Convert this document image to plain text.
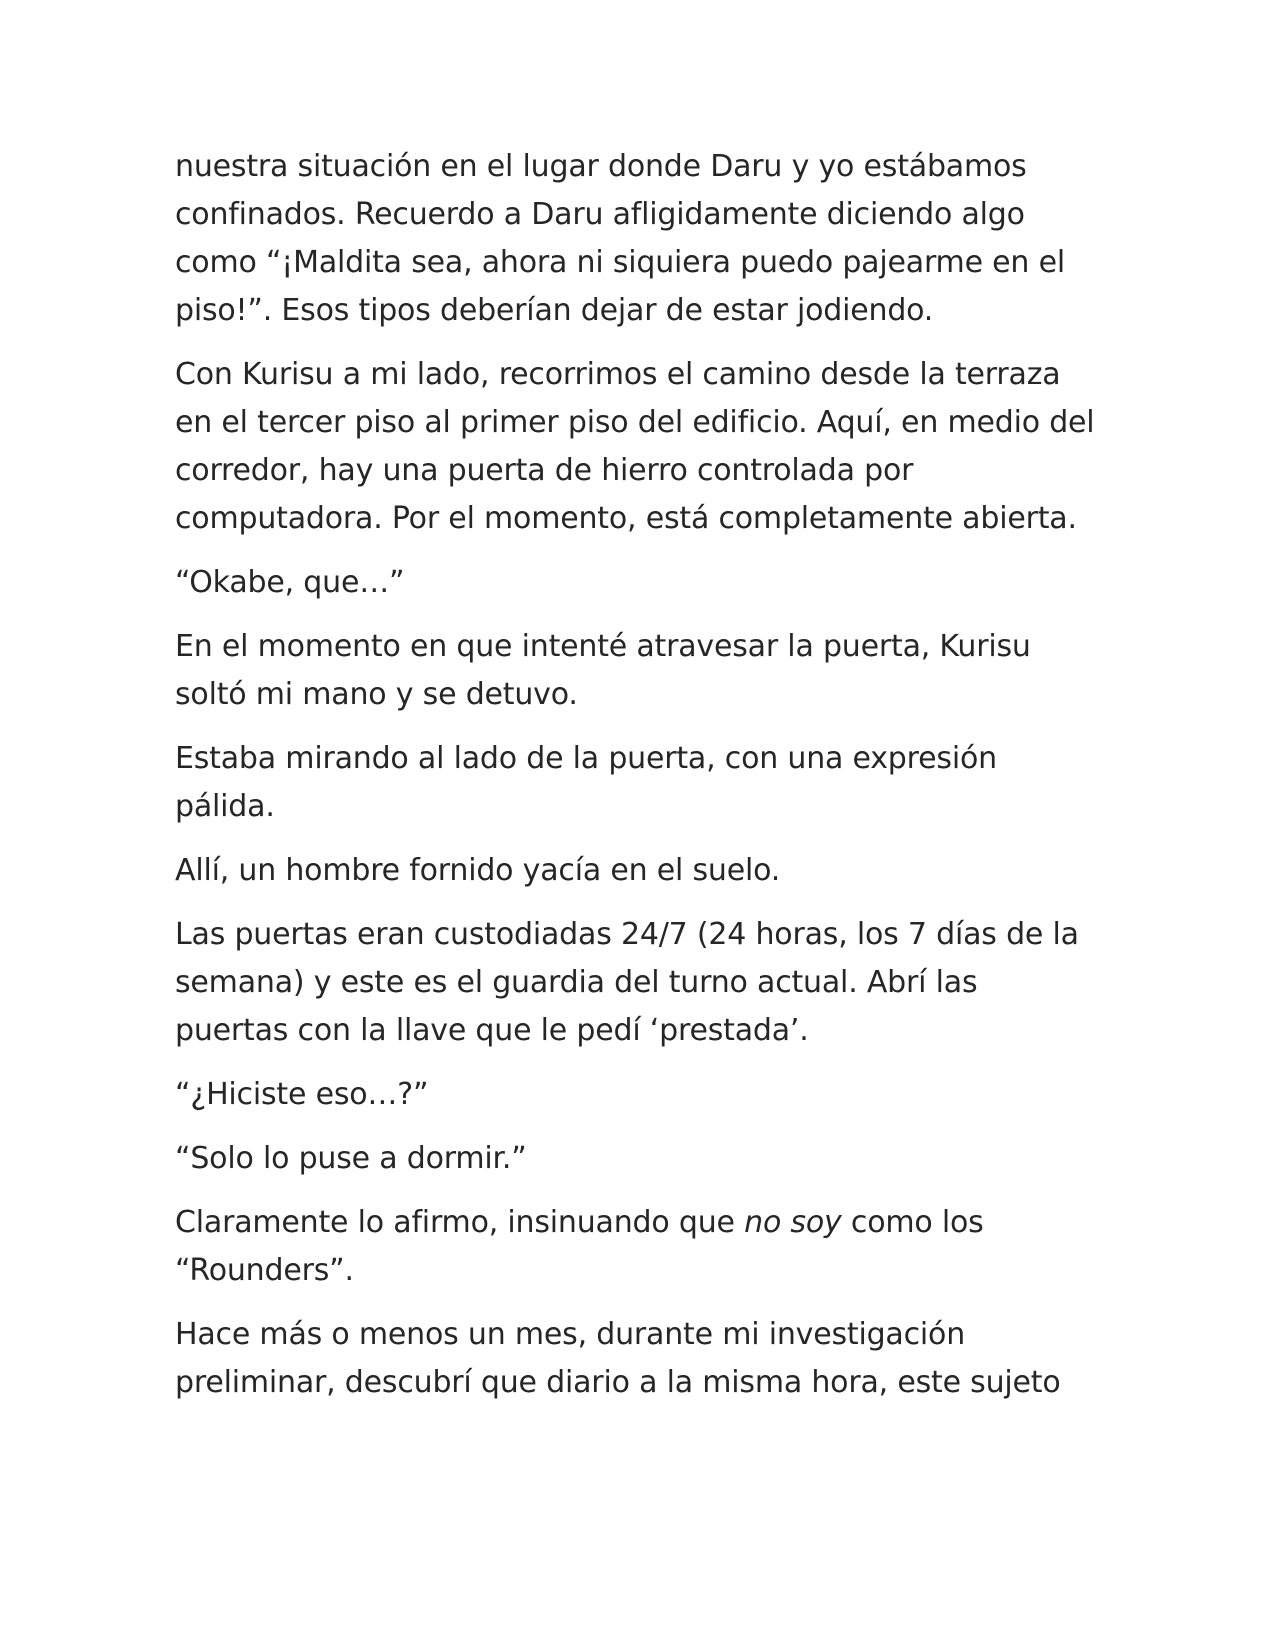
nuestra situación en el lugar donde Daru y yo estábamos confinados. Recuerdo a Daru afligidamente diciendo algo como “¡Maldita sea, ahora ni siquiera puedo pajearme en el piso!”. Esos tipos deberían dejar de estar jodiendo.

Con Kurisu a mi lado, recorrimos el camino desde la terraza en el tercer piso al primer piso del edificio. Aquí, en medio del corredor, hay una puerta de hierro controlada por computadora. Por el momento, está completamente abierta.

“Okabe, que…”

En el momento en que intenté atravesar la puerta, Kurisu soltó mi mano y se detuvo.

Estaba mirando al lado de la puerta, con una expresión pálida.

Allí, un hombre fornido yacía en el suelo.

Las puertas eran custodiadas 24/7 (24 horas, los 7 días de la semana) y este es el guardia del turno actual. Abrí las puertas con la llave que le pedí ‘prestada’.

“¿Hiciste eso…?”

“Solo lo puse a dormir.”

Claramente lo afirmo, insinuando que no soy como los “Rounders”.

Hace más o menos un mes, durante mi investigación preliminar, descubrí que diario a la misma hora, este sujeto
